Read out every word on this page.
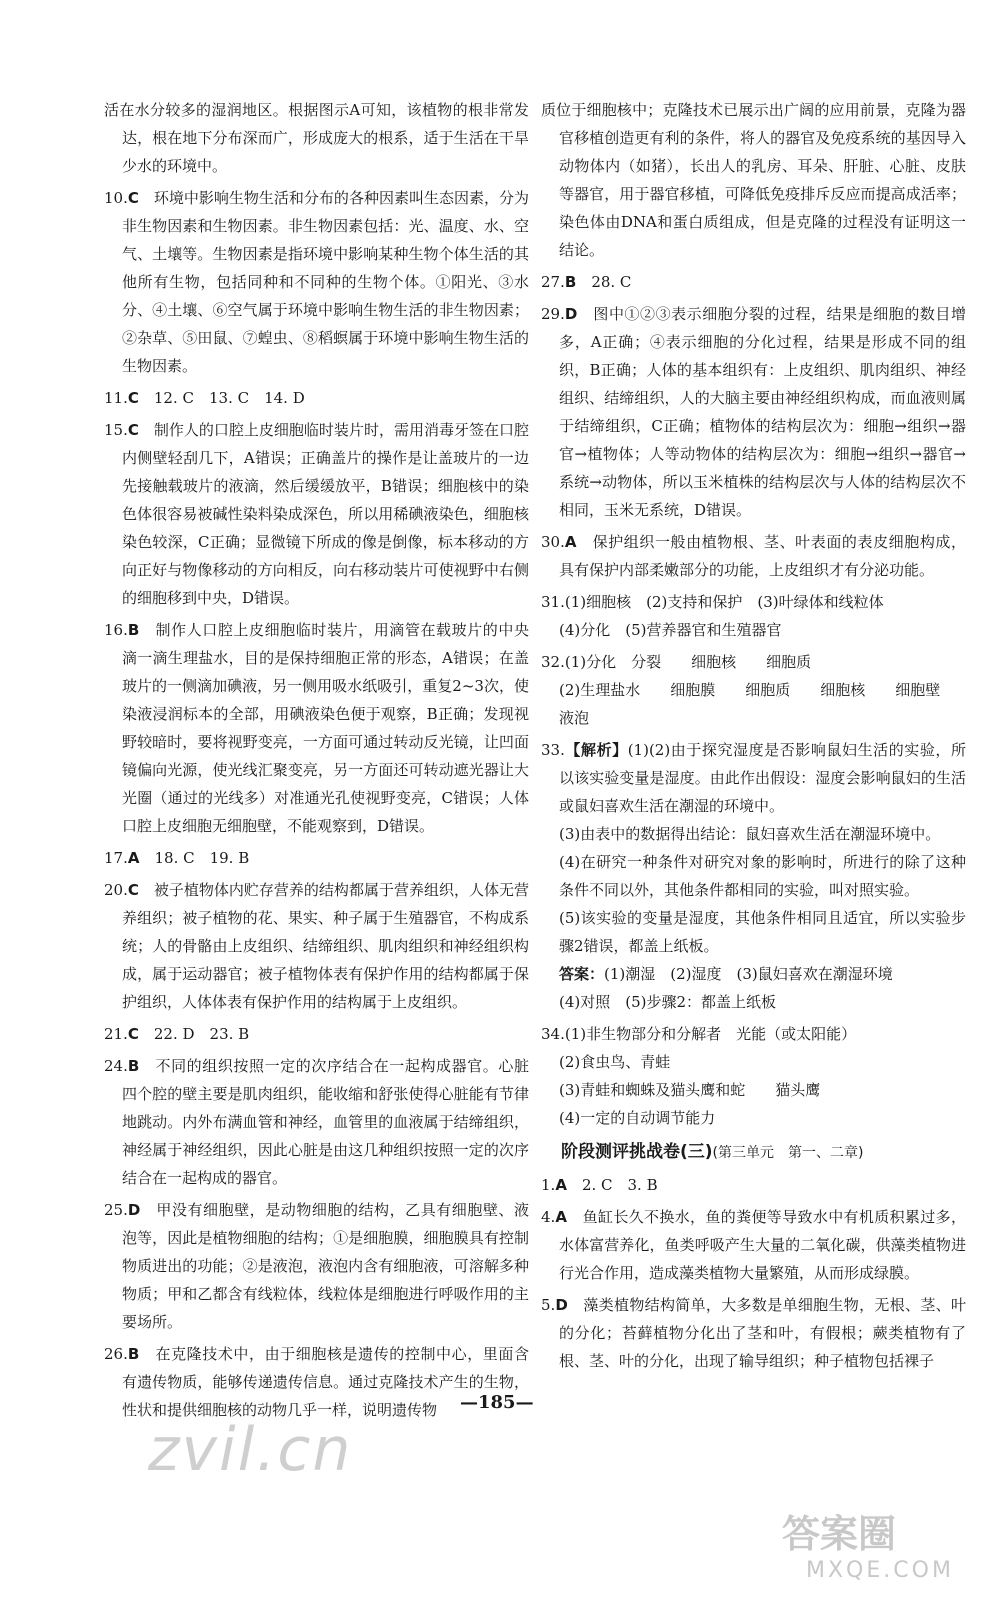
活在水分较多的湿润地区。根据图示A可知，该植物的根非常发达，根在地下分布深而广，形成庞大的根系，适于生活在干旱少水的环境中。
10.C　 环境中影响生物生活和分布的各种因素叫生态因素，分为非生物因素和生物因素。非生物因素包括：光、温度、水、空气、土壤等。生物因素是指环境中影响某种生物个体生活的其他所有生物，包括同种和不同种的生物个体。①阳光、③水分、④土壤、⑥空气属于环境中影响生物生活的非生物因素；②杂草、⑤田鼠、⑦蝗虫、⑧稻螟属于环境中影响生物生活的生物因素。
11.C　 12. C　13. C　14. D
15.C　 制作人的口腔上皮细胞临时装片时，需用消毒牙签在口腔内侧壁轻刮几下，A错误；正确盖片的操作是让盖玻片的一边先接触载玻片的液滴，然后缓缓放平，B错误；细胞核中的染色体很容易被碱性染料染成深色，所以用稀碘液染色，细胞核染色较深，C正确；显微镜下所成的像是倒像，标本移动的方向正好与物像移动的方向相反，向右移动装片可使视野中右侧的细胞移到中央，D错误。
16.B　 制作人口腔上皮细胞临时装片，用滴管在载玻片的中央滴一滴生理盐水，目的是保持细胞正常的形态，A错误；在盖玻片的一侧滴加碘液，另一侧用吸水纸吸引，重复2~3次，使染液浸润标本的全部，用碘液染色便于观察，B正确；发现视野较暗时，要将视野变亮，一方面可通过转动反光镜，让凹面镜偏向光源，使光线汇聚变亮，另一方面还可转动遮光器让大光圈（通过的光线多）对准通光孔使视野变亮，C错误；人体口腔上皮细胞无细胞壁，不能观察到，D错误。
17.A　 18. C　19. B
20.C　 被子植物体内贮存营养的结构都属于营养组织，人体无营养组织；被子植物的花、果实、种子属于生殖器官，不构成系统；人的骨骼由上皮组织、结缔组织、肌肉组织和神经组织构成，属于运动器官；被子植物体表有保护作用的结构都属于保护组织，人体体表有保护作用的结构属于上皮组织。
21.C　 22. D　23. B
24.B　 不同的组织按照一定的次序结合在一起构成器官。心脏四个腔的壁主要是肌肉组织，能收缩和舒张使得心脏能有节律地跳动。内外布满血管和神经，血管里的血液属于结缔组织，神经属于神经组织，因此心脏是由这几种组织按照一定的次序结合在一起构成的器官。
25.D　 甲没有细胞壁，是动物细胞的结构，乙具有细胞壁、液泡等，因此是植物细胞的结构；①是细胞膜，细胞膜具有控制物质进出的功能；②是液泡，液泡内含有细胞液，可溶解多种物质；甲和乙都含有线粒体，线粒体是细胞进行呼吸作用的主要场所。
26.B　 在克隆技术中，由于细胞核是遗传的控制中心，里面含有遗传物质，能够传递遗传信息。通过克隆技术产生的生物，性状和提供细胞核的动物几乎一样，说明遗传物
质位于细胞核中；克隆技术已展示出广阔的应用前景，克隆为器官移植创造更有利的条件，将人的器官及免疫系统的基因导入动物体内（如猪），长出人的乳房、耳朵、肝脏、心脏、皮肤等器官，用于器官移植，可降低免疫排斥反应而提高成活率；染色体由DNA和蛋白质组成，但是克隆的过程没有证明这一结论。
27.B　 28. C
29.D　 图中①②③表示细胞分裂的过程，结果是细胞的数目增多，A正确；④表示细胞的分化过程，结果是形成不同的组织，B正确；人体的基本组织有：上皮组织、肌肉组织、神经组织、结缔组织，人的大脑主要由神经组织构成，而血液则属于结缔组织，C正确；植物体的结构层次为：细胞→组织→器官→植物体；人等动物体的结构层次为：细胞→组织→器官→系统→动物体，所以玉米植株的结构层次与人体的结构层次不相同，玉米无系统，D错误。
30.A　 保护组织一般由植物根、茎、叶表面的表皮细胞构成，具有保护内部柔嫩部分的功能，上皮组织才有分泌功能。
31.(1)细胞核　(2)支持和保护　(3)叶绿体和线粒体
(4)分化　(5)营养器官和生殖器官
32.(1)分化　分裂　　细胞核　　细胞质
(2)生理盐水　　细胞膜　　细胞质　　细胞核　　细胞壁
液泡
33.【解析】(1)(2)由于探究湿度是否影响鼠妇生活的实验，所以该实验变量是湿度。由此作出假设：湿度会影响鼠妇的生活或鼠妇喜欢生活在潮湿的环境中。
(3)由表中的数据得出结论：鼠妇喜欢生活在潮湿环境中。
(4)在研究一种条件对研究对象的影响时，所进行的除了这种条件不同以外，其他条件都相同的实验，叫对照实验。
(5)该实验的变量是湿度，其他条件相同且适宜，所以实验步骤2错误，都盖上纸板。
答案：(1)潮湿　(2)湿度　(3)鼠妇喜欢在潮湿环境
(4)对照　(5)步骤2：都盖上纸板
34.(1)非生物部分和分解者　光能（或太阳能）
(2)食虫鸟、青蛙
(3)青蛙和蜘蛛及猫头鹰和蛇　　猫头鹰
(4)一定的自动调节能力
阶段测评挑战卷(三)(第三单元　第一、二章)
1.A　 2. C　3. B
4.A　 鱼缸长久不换水，鱼的粪便等导致水中有机质积累过多，水体富营养化，鱼类呼吸产生大量的二氧化碳，供藻类植物进行光合作用，造成藻类植物大量繁殖，从而形成绿膜。
5.D　 藻类植物结构简单，大多数是单细胞生物，无根、茎、叶的分化；苔藓植物分化出了茎和叶，有假根；蕨类植物有了根、茎、叶的分化，出现了输导组织；种子植物包括裸子
—185—
zvil.cn
答案圈
MXQE.COM
